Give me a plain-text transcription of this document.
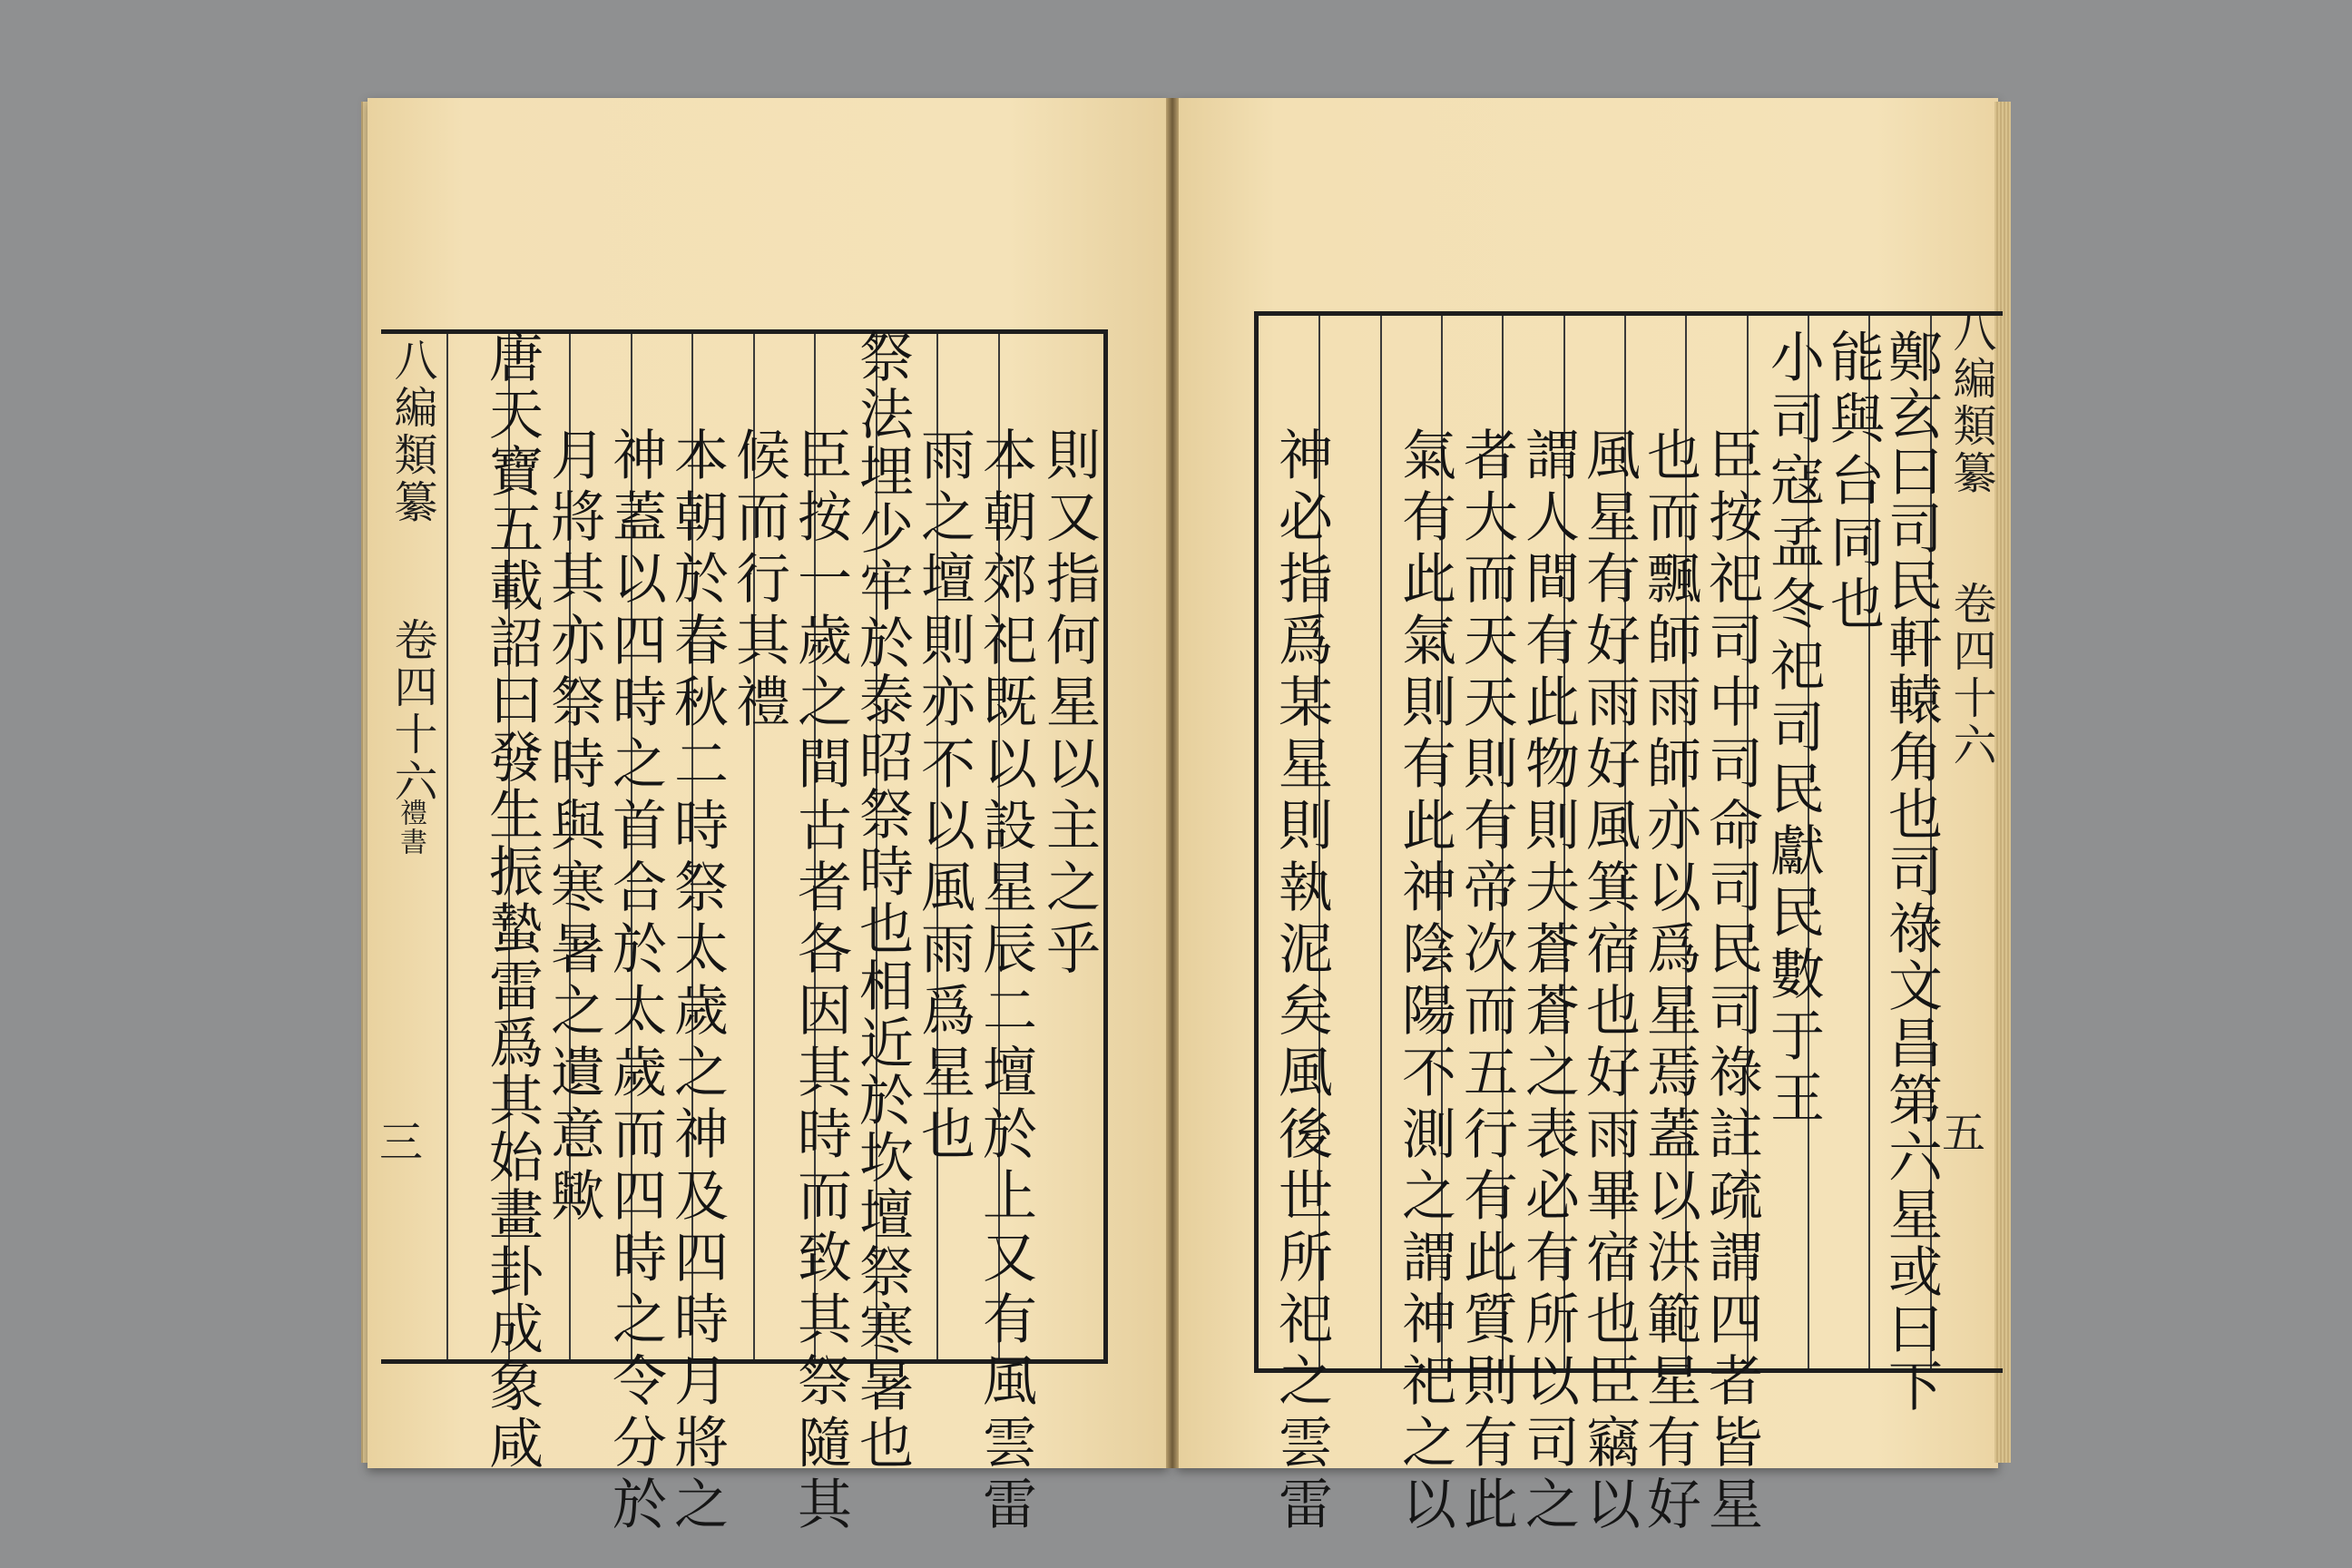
則又指何星以主之乎
本朝郊祀既以設星辰二壇於上又有風雲雷
雨之壇則亦不以風雨爲星也
祭法埋少牢於泰昭祭時也相近於坎壇祭寒暑也
臣按一歲之間古者各因其時而致其祭隨其
候而行其禮
本朝於春秋二時祭太歲之神及四時月將之
神蓋以四時之首合於太歲而四時之令分於
月將其亦祭時與寒暑之遺意歟
唐天寶五載詔曰發生振蟄雷爲其始畫卦成象咸
八編類纂
卷四十六
禮書
三	鄭玄曰司民軒轅角也司祿文昌第六星或曰下
能與台同也
小司寇孟冬祀司民獻民數于王
臣按祀司中司命司民司祿註疏謂四者皆星
也而飄師雨師亦以爲星焉蓋以洪範星有好
風星有好雨好風箕宿也好雨畢宿也臣竊以
謂人間有此物則夫蒼蒼之表必有所以司之
者大而天天則有帝次而五行有此質則有此
氣有此氣則有此神陰陽不測之謂神祀之以
神必指爲某星則執泥矣風後世所祀之雲雷
八編類纂
卷四十六
五
